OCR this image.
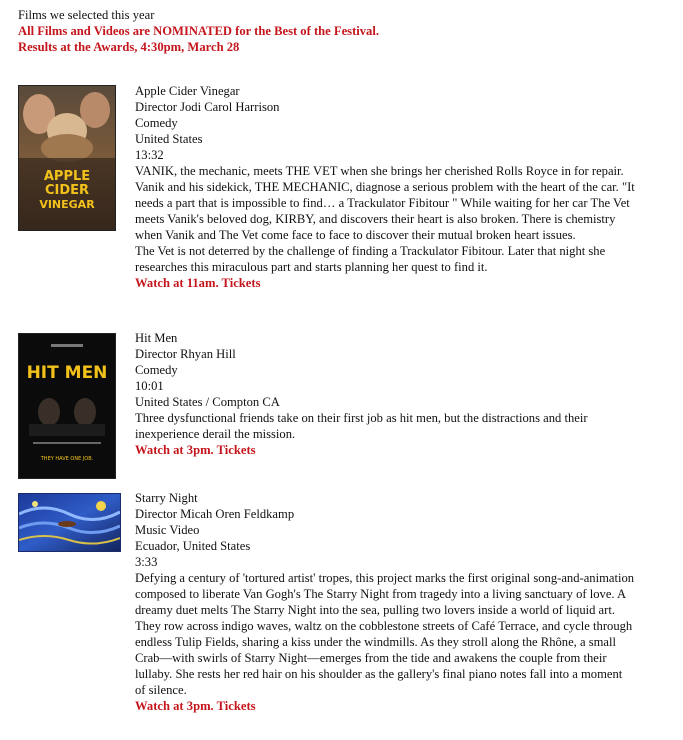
Films we selected this year
All Films and Videos are NOMINATED for the Best of the Festival.
Results at the Awards, 4:30pm, March 28
APPLE
CIDER
VINEGAR
Apple Cider Vinegar
Director Jodi Carol Harrison
Comedy
United States
13:32
VANIK, the mechanic, meets THE VET when she brings her cherished Rolls Royce in for repair. Vanik and his sidekick, THE MECHANIC, diagnose a serious problem with the heart of the car. "It needs a part that is impossible to find… a Trackulator Fibitour " While waiting for her car The Vet meets Vanik's beloved dog, KIRBY, and discovers their heart is also broken. There is chemistry when Vanik and The Vet come face to face to discover their mutual broken heart issues.
The Vet is not deterred by the challenge of finding a Trackulator Fibitour. Later that night she researches this miraculous part and starts planning her quest to find it.
Watch at 11am. Tickets
HIT MEN
THEY HAVE ONE JOB.
Hit Men
Director Rhyan Hill
Comedy
10:01
United States / Compton CA
Three dysfunctional friends take on their first job as hit men, but the distractions and their inexperience derail the mission.
Watch at 3pm. Tickets
Starry Night
Director Micah Oren Feldkamp
Music Video
Ecuador, United States
3:33
Defying a century of 'tortured artist' tropes, this project marks the first original song-and-animation composed to liberate Van Gogh's The Starry Night from tragedy into a living sanctuary of love. A dreamy duet melts The Starry Night into the sea, pulling two lovers inside a world of liquid art. They row across indigo waves, waltz on the cobblestone streets of Café Terrace, and cycle through endless Tulip Fields, sharing a kiss under the windmills. As they stroll along the Rhône, a small Crab—with swirls of Starry Night—emerges from the tide and awakens the couple from their lullaby. She rests her red hair on his shoulder as the gallery's final piano notes fall into a moment of silence.
Watch at 3pm. Tickets
